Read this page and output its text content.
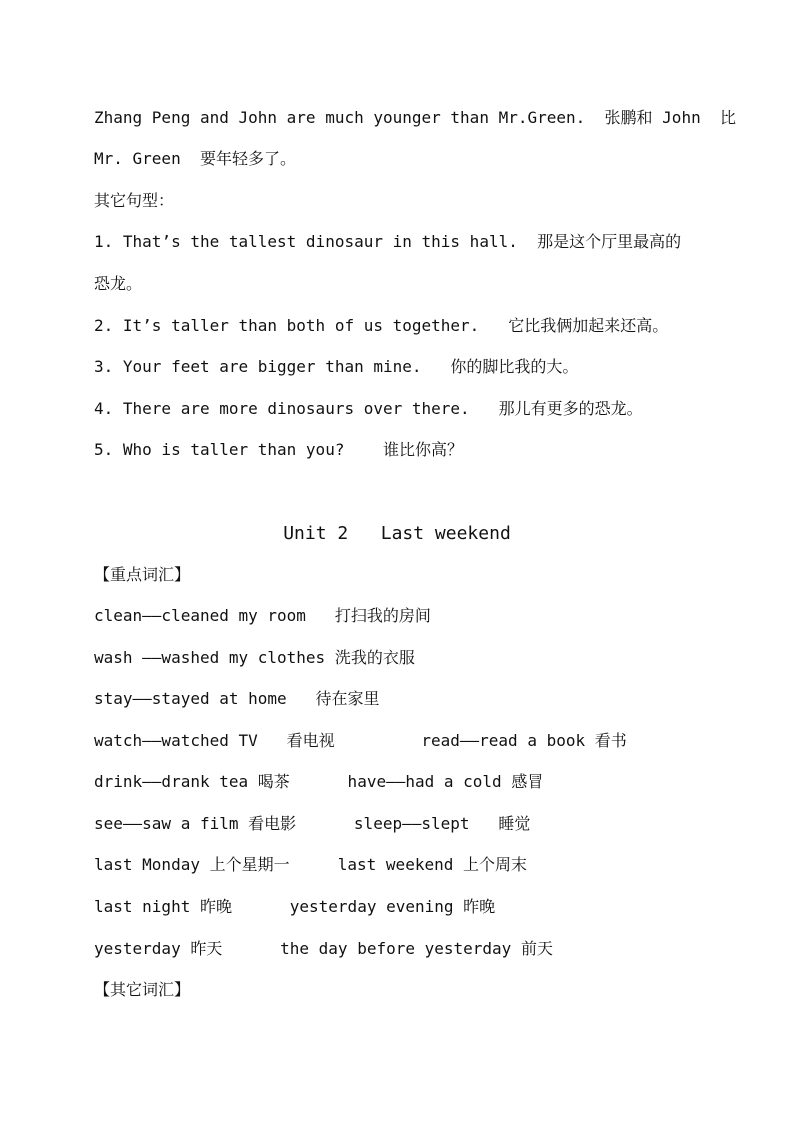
Zhang Peng and John are much younger than Mr.Green.  张鹏和 John  比
Mr. Green  要年轻多了。
其它句型：
1. That’s the tallest dinosaur in this hall.  那是这个厅里最高的
恐龙。
2. It’s taller than both of us together.   它比我俩加起来还高。
3. Your feet are bigger than mine.   你的脚比我的大。
4. There are more dinosaurs over there.   那儿有更多的恐龙。
5. Who is taller than you?    谁比你高？
Unit 2   Last weekend
【重点词汇】
clean——cleaned my room   打扫我的房间
wash ——washed my clothes 洗我的衣服
stay——stayed at home   待在家里
watch——watched TV   看电视         read——read a book 看书
drink——drank tea 喝茶      have——had a cold 感冒
see——saw a film 看电影      sleep——slept   睡觉
last Monday 上个星期一     last weekend 上个周末
last night 昨晚      yesterday evening 昨晚
yesterday 昨天      the day before yesterday 前天
【其它词汇】
